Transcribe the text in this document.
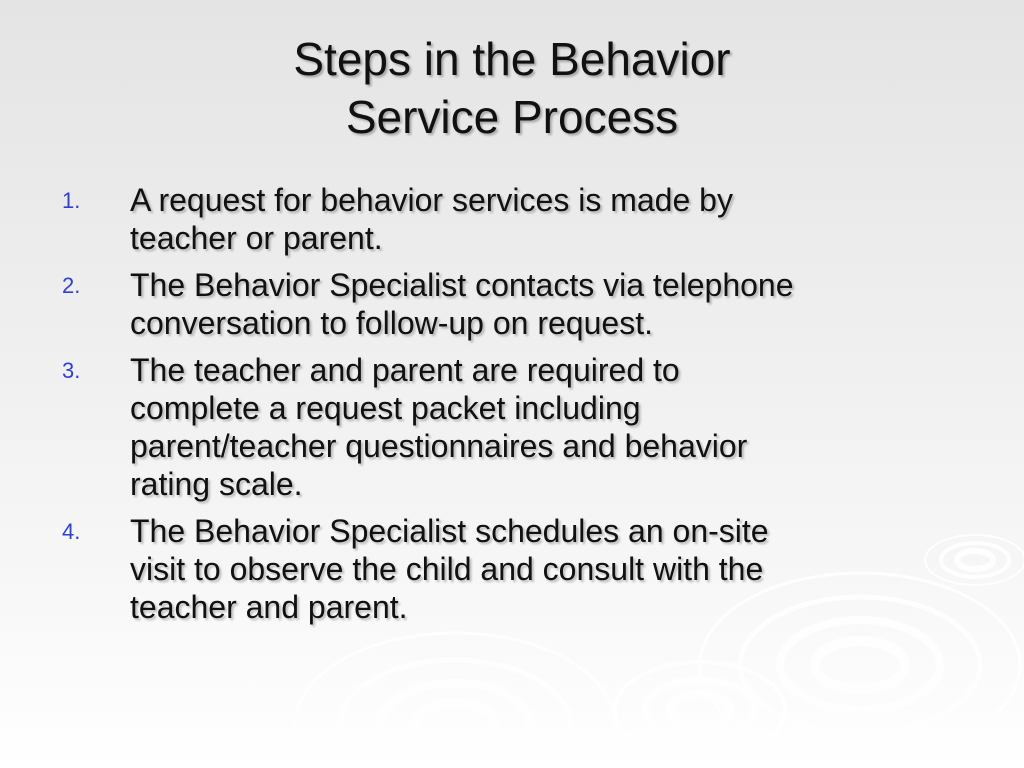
Steps in the Behavior
Service Process
1. A request for behavior services is made by
teacher or parent.
2. The Behavior Specialist contacts via telephone
conversation to follow-up on request.
3. The teacher and parent are required to
complete a request packet including
parent/teacher questionnaires and behavior
rating scale.
4. The Behavior Specialist schedules an on-site
visit to observe the child and consult with the
teacher and parent.
